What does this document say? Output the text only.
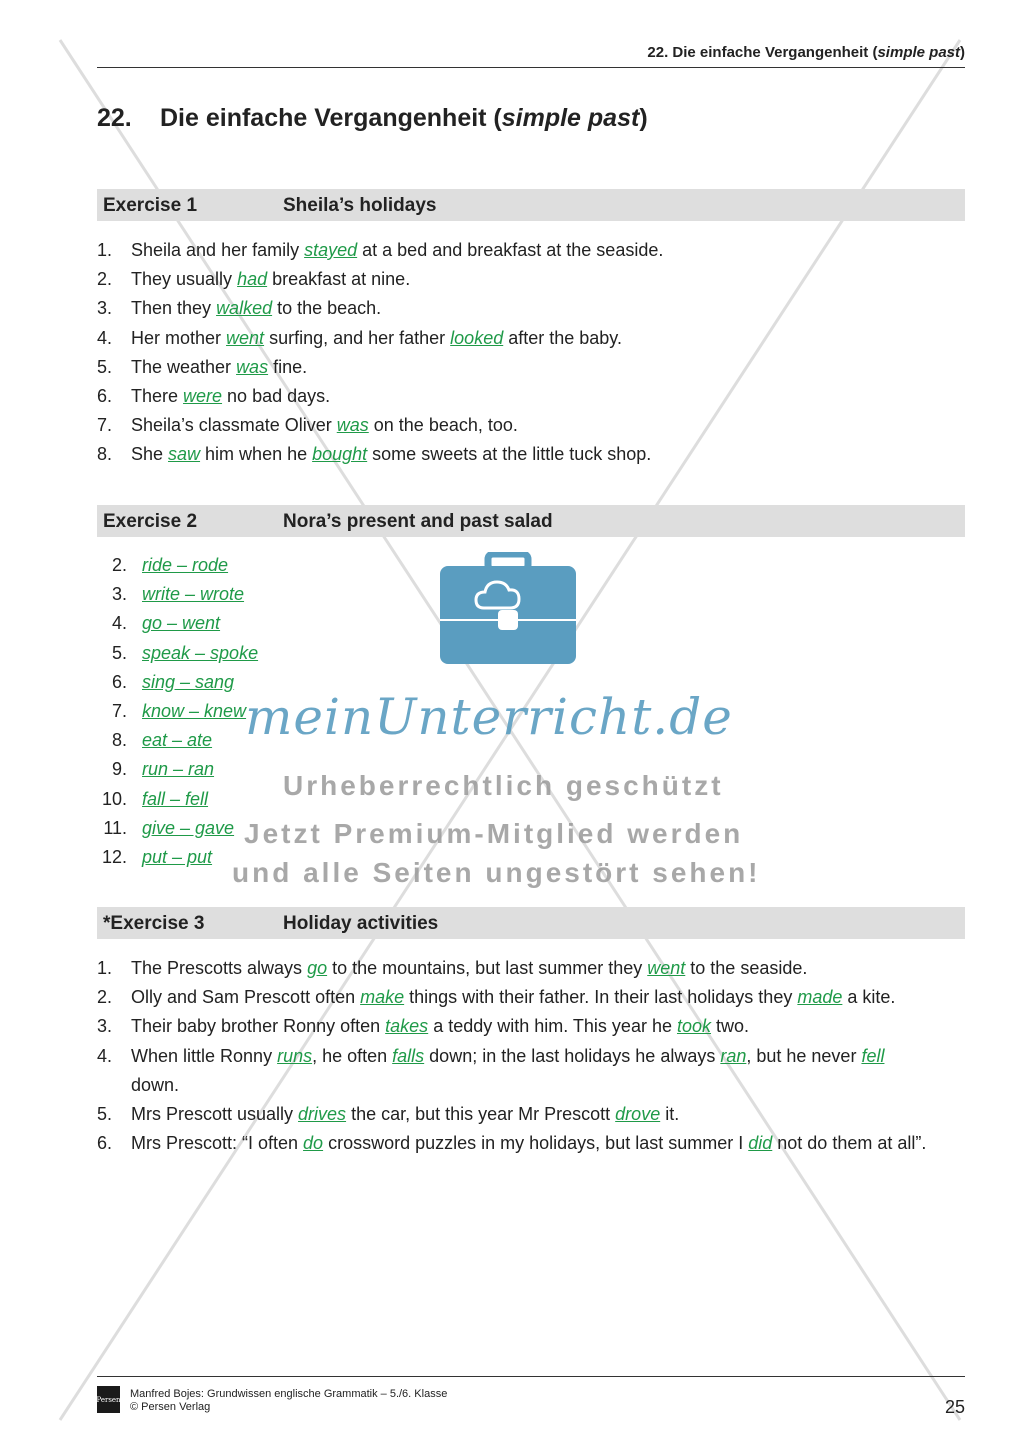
22. Die einfache Vergangenheit (simple past)
22. Die einfache Vergangenheit (simple past)
Exercise 1	Sheila’s holidays
1. Sheila and her family stayed at a bed and breakfast at the seaside.
2. They usually had breakfast at nine.
3. Then they walked to the beach.
4. Her mother went surfing, and her father looked after the baby.
5. The weather was fine.
6. There were no bad days.
7. Sheila’s classmate Oliver was on the beach, too.
8. She saw him when he bought some sweets at the little tuck shop.
Exercise 2	Nora’s present and past salad
2. ride – rode
3. write – wrote
4. go – went
5. speak – spoke
6. sing – sang
7. know – knew
8. eat – ate
9. run – ran
10. fall – fell
11. give – gave
12. put – put
meinUnterricht.de
Urheberrechtlich geschützt
Jetzt Premium-Mitglied werden
und alle Seiten ungestört sehen!
*Exercise 3	Holiday activities
1. The Prescotts always go to the mountains, but last summer they went to the seaside.
2. Olly and Sam Prescott often make things with their father. In their last holidays they made a kite.
3. Their baby brother Ronny often takes a teddy with him. This year he took two.
4. When little Ronny runs, he often falls down; in the last holidays he always ran, but he never fell down.
5. Mrs Prescott usually drives the car, but this year Mr Prescott drove it.
6. Mrs Prescott: “I often do crossword puzzles in my holidays, but last summer I did not do them at all”.
Persen Manfred Bojes: Grundwissen englische Grammatik – 5./6. Klasse
© Persen Verlag	25
